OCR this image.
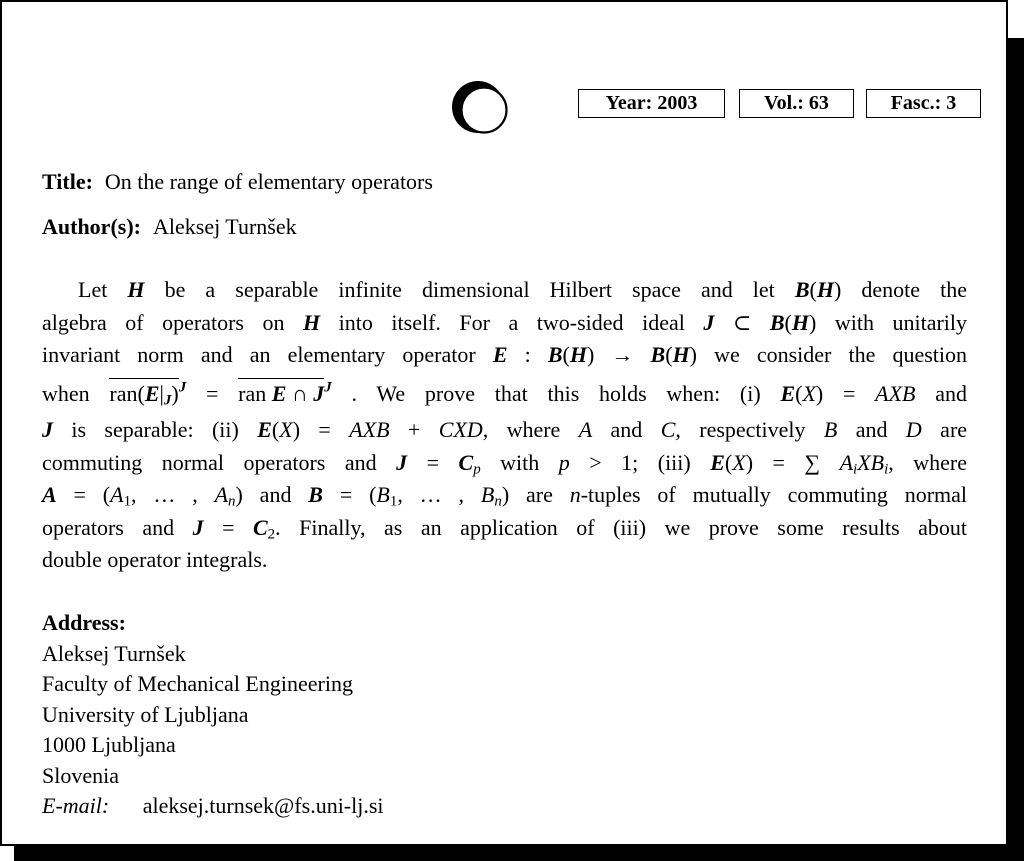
Year: 2003	Vol.: 63	Fasc.: 3
Title: On the range of elementary operators
Author(s): Aleksej Turnšek
Let H be a separable infinite dimensional Hilbert space and let B(H) denote the
algebra of operators on H into itself. For a two-sided ideal J ⊂ B(H) with unitarily
invariant norm and an elementary operator E : B(H) → B(H) we consider the question
when $ran(E|_J)^J$ = ran E ∩ $J^J$ . We prove that this holds when: (i) E(X) = AXB and
J is separable: (ii) E(X) = AXB + CXD, where A and C, respectively B and D are
commuting normal operators and $J = C_p$ with p > 1; (iii) E(X) = ∑ $A_iXB_i$, where
$A = (A_1$, … , $A_n$) and $B = (B_1$, … , $B_n$) are n-tuples of mutually commuting normal
operators and $J = C_2$. Finally, as an application of (iii) we prove some results about
double operator integrals.
Address:
Aleksej Turnšek
Faculty of Mechanical Engineering
University of Ljubljana
1000 Ljubljana
Slovenia
E-mail: aleksej.turnsek@fs.uni-lj.si
